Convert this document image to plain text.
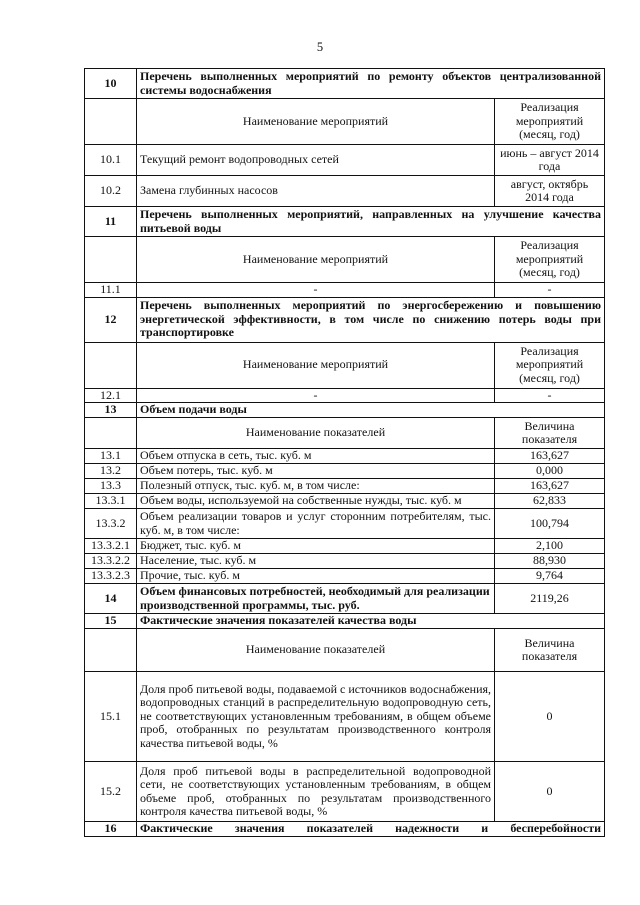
5
10	Перечень выполненных мероприятий по ремонту объектов централизованной системы водоснабжения	
	Наименование мероприятий	Реализация мероприятий (месяц, год)
10.1	Текущий ремонт водопроводных сетей	июнь – август 2014 года
10.2	Замена глубинных насосов	август, октябрь 2014 года
11	Перечень выполненных мероприятий, направленных на улучшение качества питьевой воды	
	Наименование мероприятий	Реализация мероприятий (месяц, год)
11.1	-	-
12	Перечень выполненных мероприятий по энергосбережению и повышению энергетической эффективности, в том числе по снижению потерь воды при транспортировке	
	Наименование мероприятий	Реализация мероприятий (месяц, год)
12.1	-	-
13	Объем подачи воды	
	Наименование показателей	Величина показателя
13.1	Объем отпуска в сеть, тыс. куб. м	163,627
13.2	Объем потерь, тыс. куб. м	0,000
13.3	Полезный отпуск, тыс. куб. м, в том числе:	163,627
13.3.1	Объем воды, используемой на собственные нужды, тыс. куб. м	62,833
13.3.2	Объем реализации товаров и услуг сторонним потребителям, тыс. куб. м, в том числе:	100,794
13.3.2.1	Бюджет, тыс. куб. м	2,100
13.3.2.2	Население, тыс. куб. м	88,930
13.3.2.3	Прочие, тыс. куб. м	9,764
14	Объем финансовых потребностей, необходимый для реализации производственной программы, тыс. руб.	2119,26
15	Фактические значения показателей качества воды	
	Наименование показателей	Величина показателя
15.1	Доля проб питьевой воды, подаваемой с источников водоснабжения, водопроводных станций в распределительную водопроводную сеть, не соответствующих установленным требованиям, в общем объеме проб, отобранных по результатам производственного контроля качества питьевой воды, %	0
15.2	Доля проб питьевой воды в распределительной водопроводной сети, не соответствующих установленным требованиям, в общем объеме проб, отобранных по результатам производственного контроля качества питьевой воды, %	0
16	Фактические значения показателей надежности и бесперебойности	
